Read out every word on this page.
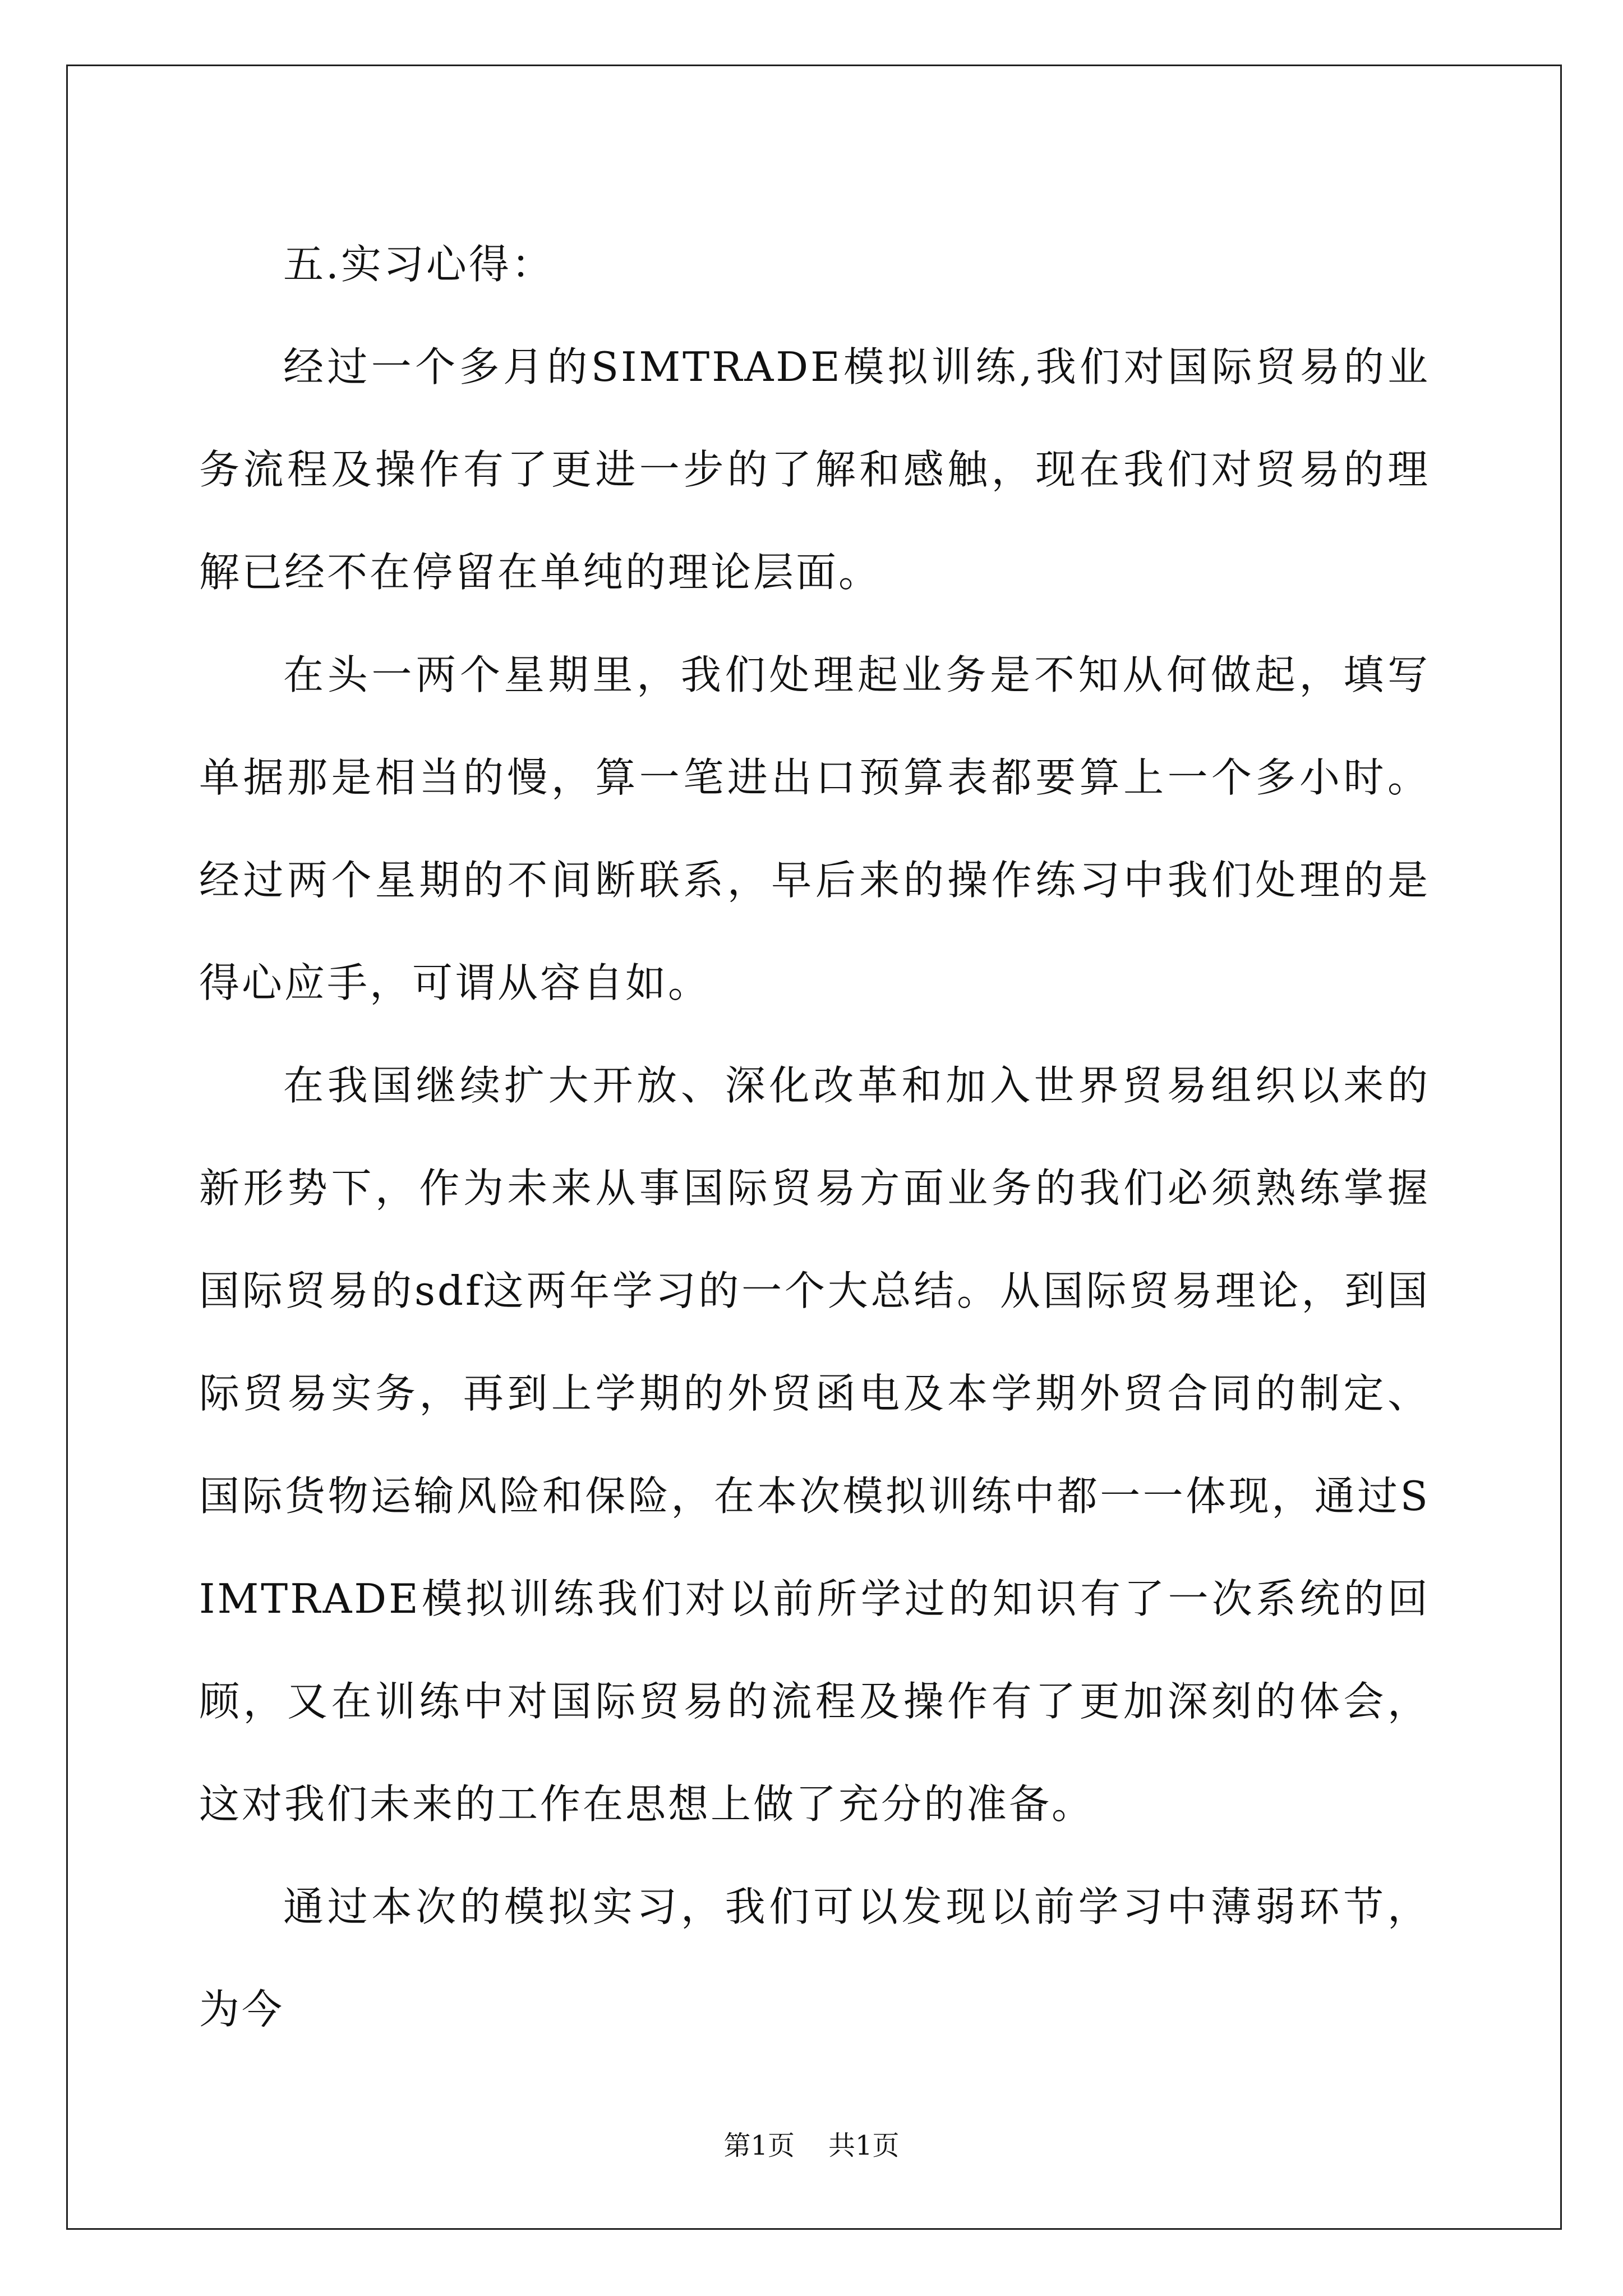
五.实习心得：

经过一个多月的SIMTRADE模拟训练,我们对国际贸易的业务流程及操作有了更进一步的了解和感触，现在我们对贸易的理解已经不在停留在单纯的理论层面。

在头一两个星期里，我们处理起业务是不知从何做起，填写单据那是相当的慢，算一笔进出口预算表都要算上一个多小时。经过两个星期的不间断联系，早后来的操作练习中我们处理的是得心应手，可谓从容自如。

在我国继续扩大开放、深化改革和加入世界贸易组织以来的新形势下，作为未来从事国际贸易方面业务的我们必须熟练掌握国际贸易的sdf这两年学习的一个大总结。从国际贸易理论，到国际贸易实务，再到上学期的外贸函电及本学期外贸合同的制定、国际货物运输风险和保险，在本次模拟训练中都一一体现，通过SIMTRADE模拟训练我们对以前所学过的知识有了一次系统的回顾，又在训练中对国际贸易的流程及操作有了更加深刻的体会，这对我们未来的工作在思想上做了充分的准备。

通过本次的模拟实习，我们可以发现以前学习中薄弱环节，为今

第1页 共1页
